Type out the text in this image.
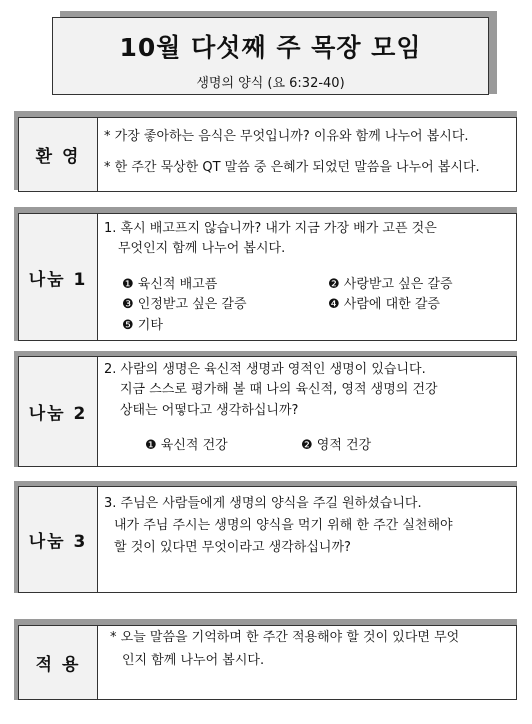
10월 다섯째 주 목장 모임
생명의 양식 (요 6:32-40)
환 영
* 가장 좋아하는 음식은 무엇입니까? 이유와 함께 나누어 봅시다.
* 한 주간 묵상한 QT 말씀 중 은혜가 되었던 말씀을 나누어 봅시다.
나눔 1
1. 혹시 배고프지 않습니까? 내가 지금 가장 배가 고픈 것은
무엇인지 함께 나누어 봅시다.
❶ 육신적 배고픔	❷ 사랑받고 싶은 갈증
❸ 인정받고 싶은 갈증	❹ 사람에 대한 갈증
❺ 기타
나눔 2
2. 사람의 생명은 육신적 생명과 영적인 생명이 있습니다.
지금 스스로 평가해 볼 때 나의 육신적, 영적 생명의 건강
상태는 어떻다고 생각하십니까?
❶ 육신적 건강	❷ 영적 건강
나눔 3
3. 주님은 사람들에게 생명의 양식을 주길 원하셨습니다.
내가 주님 주시는 생명의 양식을 먹기 위해 한 주간 실천해야
할 것이 있다면 무엇이라고 생각하십니까?
적 용
* 오늘 말씀을 기억하며 한 주간 적용해야 할 것이 있다면 무엇
인지 함께 나누어 봅시다.
